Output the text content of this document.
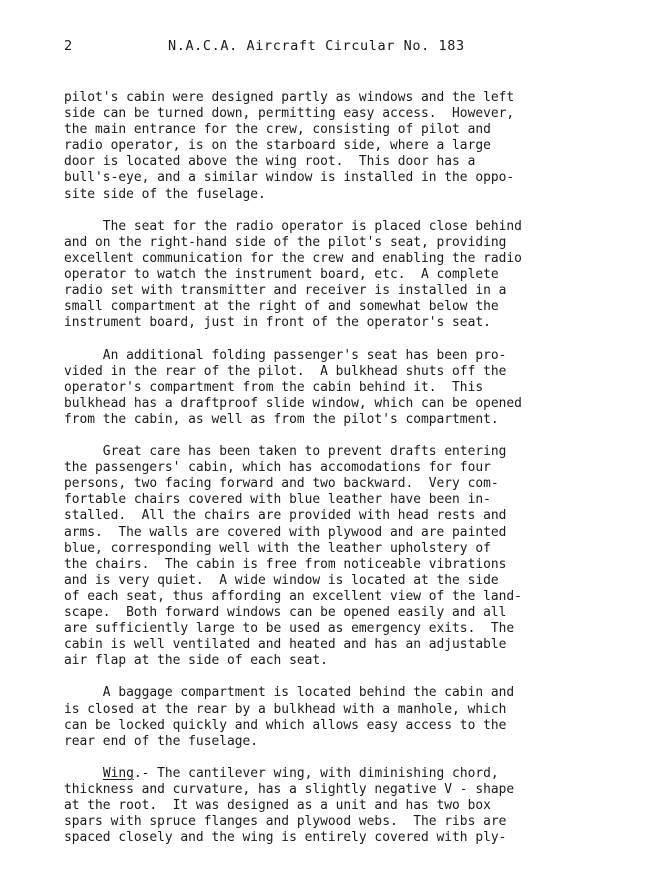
2	N.A.C.A. Aircraft Circular No. 183
pilot's cabin were designed partly as windows and the left
side can be turned down, permitting easy access.  However,
the main entrance for the crew, consisting of pilot and
radio operator, is on the starboard side, where a large
door is located above the wing root.  This door has a
bull's-eye, and a similar window is installed in the oppo-
site side of the fuselage.
The seat for the radio operator is placed close behind
and on the right-hand side of the pilot's seat, providing
excellent communication for the crew and enabling the radio
operator to watch the instrument board, etc.  A complete
radio set with transmitter and receiver is installed in a
small compartment at the right of and somewhat below the
instrument board, just in front of the operator's seat.
An additional folding passenger's seat has been pro-
vided in the rear of the pilot.  A bulkhead shuts off the
operator's compartment from the cabin behind it.  This
bulkhead has a draftproof slide window, which can be opened
from the cabin, as well as from the pilot's compartment.
Great care has been taken to prevent drafts entering
the passengers' cabin, which has accomodations for four
persons, two facing forward and two backward.  Very com-
fortable chairs covered with blue leather have been in-
stalled.  All the chairs are provided with head rests and
arms.  The walls are covered with plywood and are painted
blue, corresponding well with the leather upholstery of
the chairs.  The cabin is free from noticeable vibrations
and is very quiet.  A wide window is located at the side
of each seat, thus affording an excellent view of the land-
scape.  Both forward windows can be opened easily and all
are sufficiently large to be used as emergency exits.  The
cabin is well ventilated and heated and has an adjustable
air flap at the side of each seat.
A baggage compartment is located behind the cabin and
is closed at the rear by a bulkhead with a manhole, which
can be locked quickly and which allows easy access to the
rear end of the fuselage.
Wing.- The cantilever wing, with diminishing chord,
thickness and curvature, has a slightly negative V - shape
at the root.  It was designed as a unit and has two box
spars with spruce flanges and plywood webs.  The ribs are
spaced closely and the wing is entirely covered with ply-
